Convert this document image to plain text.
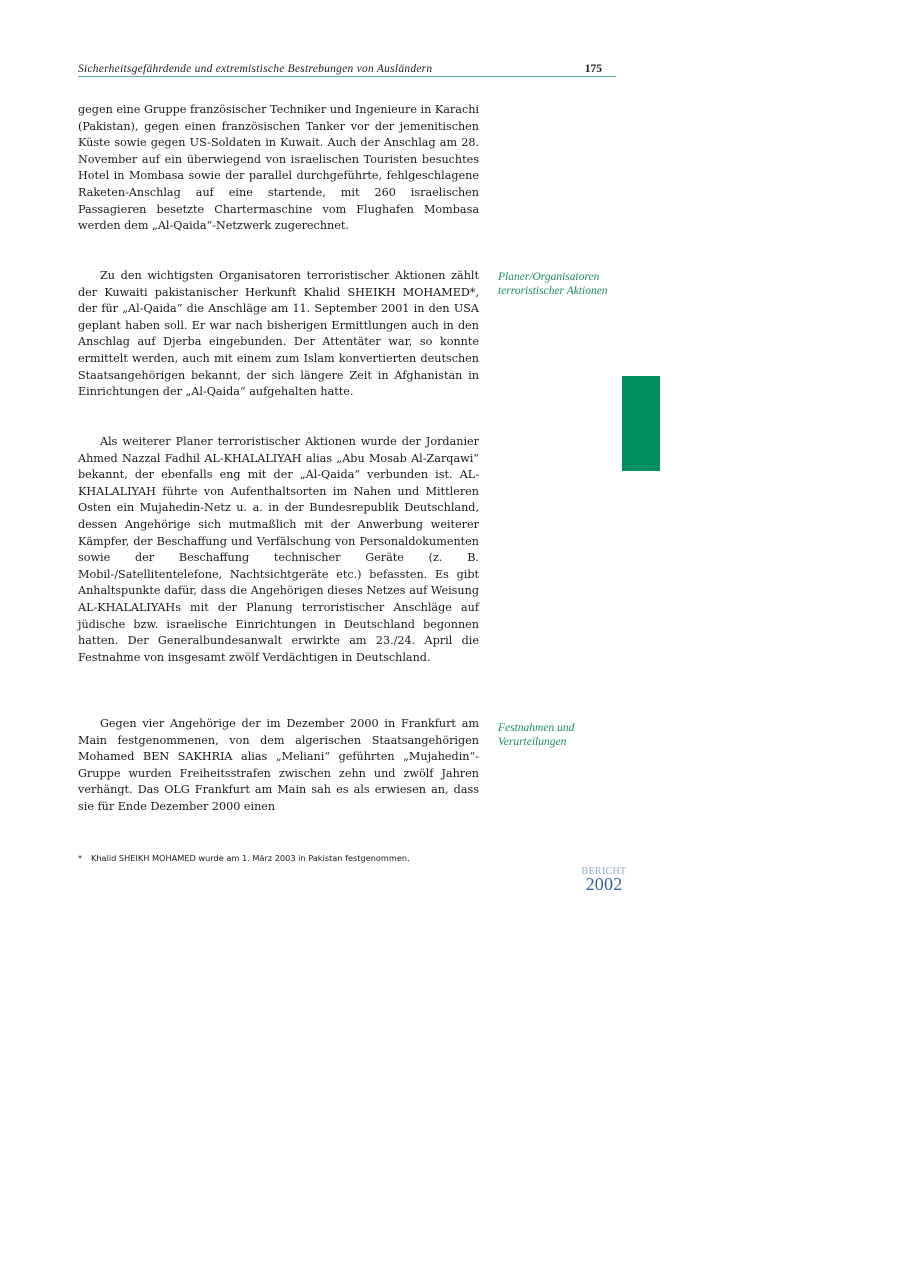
Sicherheitsgefährdende und extremistische Bestrebungen von Ausländern	175

gegen eine Gruppe französischer Techniker und Ingenieure in Karachi (Pakistan), gegen einen französischen Tanker vor der jemenitischen Küste sowie gegen US-Soldaten in Kuwait. Auch der Anschlag am 28. November auf ein überwiegend von israelischen Touristen besuchtes Hotel in Mombasa sowie der parallel durchgeführte, fehlgeschlagene Raketen-Anschlag auf eine startende, mit 260 israelischen Passagieren besetzte Chartermaschine vom Flughafen Mombasa werden dem „Al-Qaida“-Netzwerk zugerechnet.

Zu den wichtigsten Organisatoren terroristischer Aktionen zählt der Kuwaiti pakistanischer Herkunft Khalid SHEIKH MOHAMED*, der für „Al-Qaida“ die Anschläge am 11. September 2001 in den USA geplant haben soll. Er war nach bisherigen Ermittlungen auch in den Anschlag auf Djerba eingebunden. Der Attentäter war, so konnte ermittelt werden, auch mit einem zum Islam konvertierten deutschen Staatsangehörigen bekannt, der sich längere Zeit in Afghanistan in Einrichtungen der „Al-Qaida“ aufgehalten hatte.

Als weiterer Planer terroristischer Aktionen wurde der Jordanier Ahmed Nazzal Fadhil AL-KHALALIYAH alias „Abu Mosab Al-Zarqawi“ bekannt, der ebenfalls eng mit der „Al-Qaida“ verbunden ist. AL-KHALALIYAH führte von Aufenthaltsorten im Nahen und Mittleren Osten ein Mujahedin-Netz u. a. in der Bundesrepublik Deutschland, dessen Angehörige sich mutmaßlich mit der Anwerbung weiterer Kämpfer, der Beschaffung und Verfälschung von Personaldokumenten sowie der Beschaffung technischer Geräte (z. B. Mobil-/Satellitentelefone, Nachtsichtgeräte etc.) befassten. Es gibt Anhaltspunkte dafür, dass die Angehörigen dieses Netzes auf Weisung AL-KHALALIYAHs mit der Planung terroristischer Anschläge auf jüdische bzw. israelische Einrichtungen in Deutschland begonnen hatten. Der Generalbundesanwalt erwirkte am 23./24. April die Festnahme von insgesamt zwölf Verdächtigen in Deutschland.

Gegen vier Angehörige der im Dezember 2000 in Frankfurt am Main festgenommenen, von dem algerischen Staatsangehörigen Mohamed BEN SAKHRIA alias „Meliani“ geführten „Mujahedin“-Gruppe wurden Freiheitsstrafen zwischen zehn und zwölf Jahren verhängt. Das OLG Frankfurt am Main sah es als erwiesen an, dass sie für Ende Dezember 2000 einen

Planer/Organisatoren terroristischer Aktionen

Festnahmen und Verurteilungen

* Khalid SHEIKH MOHAMED wurde am 1. März 2003 in Pakistan festgenommen.
BERICHT
2002
